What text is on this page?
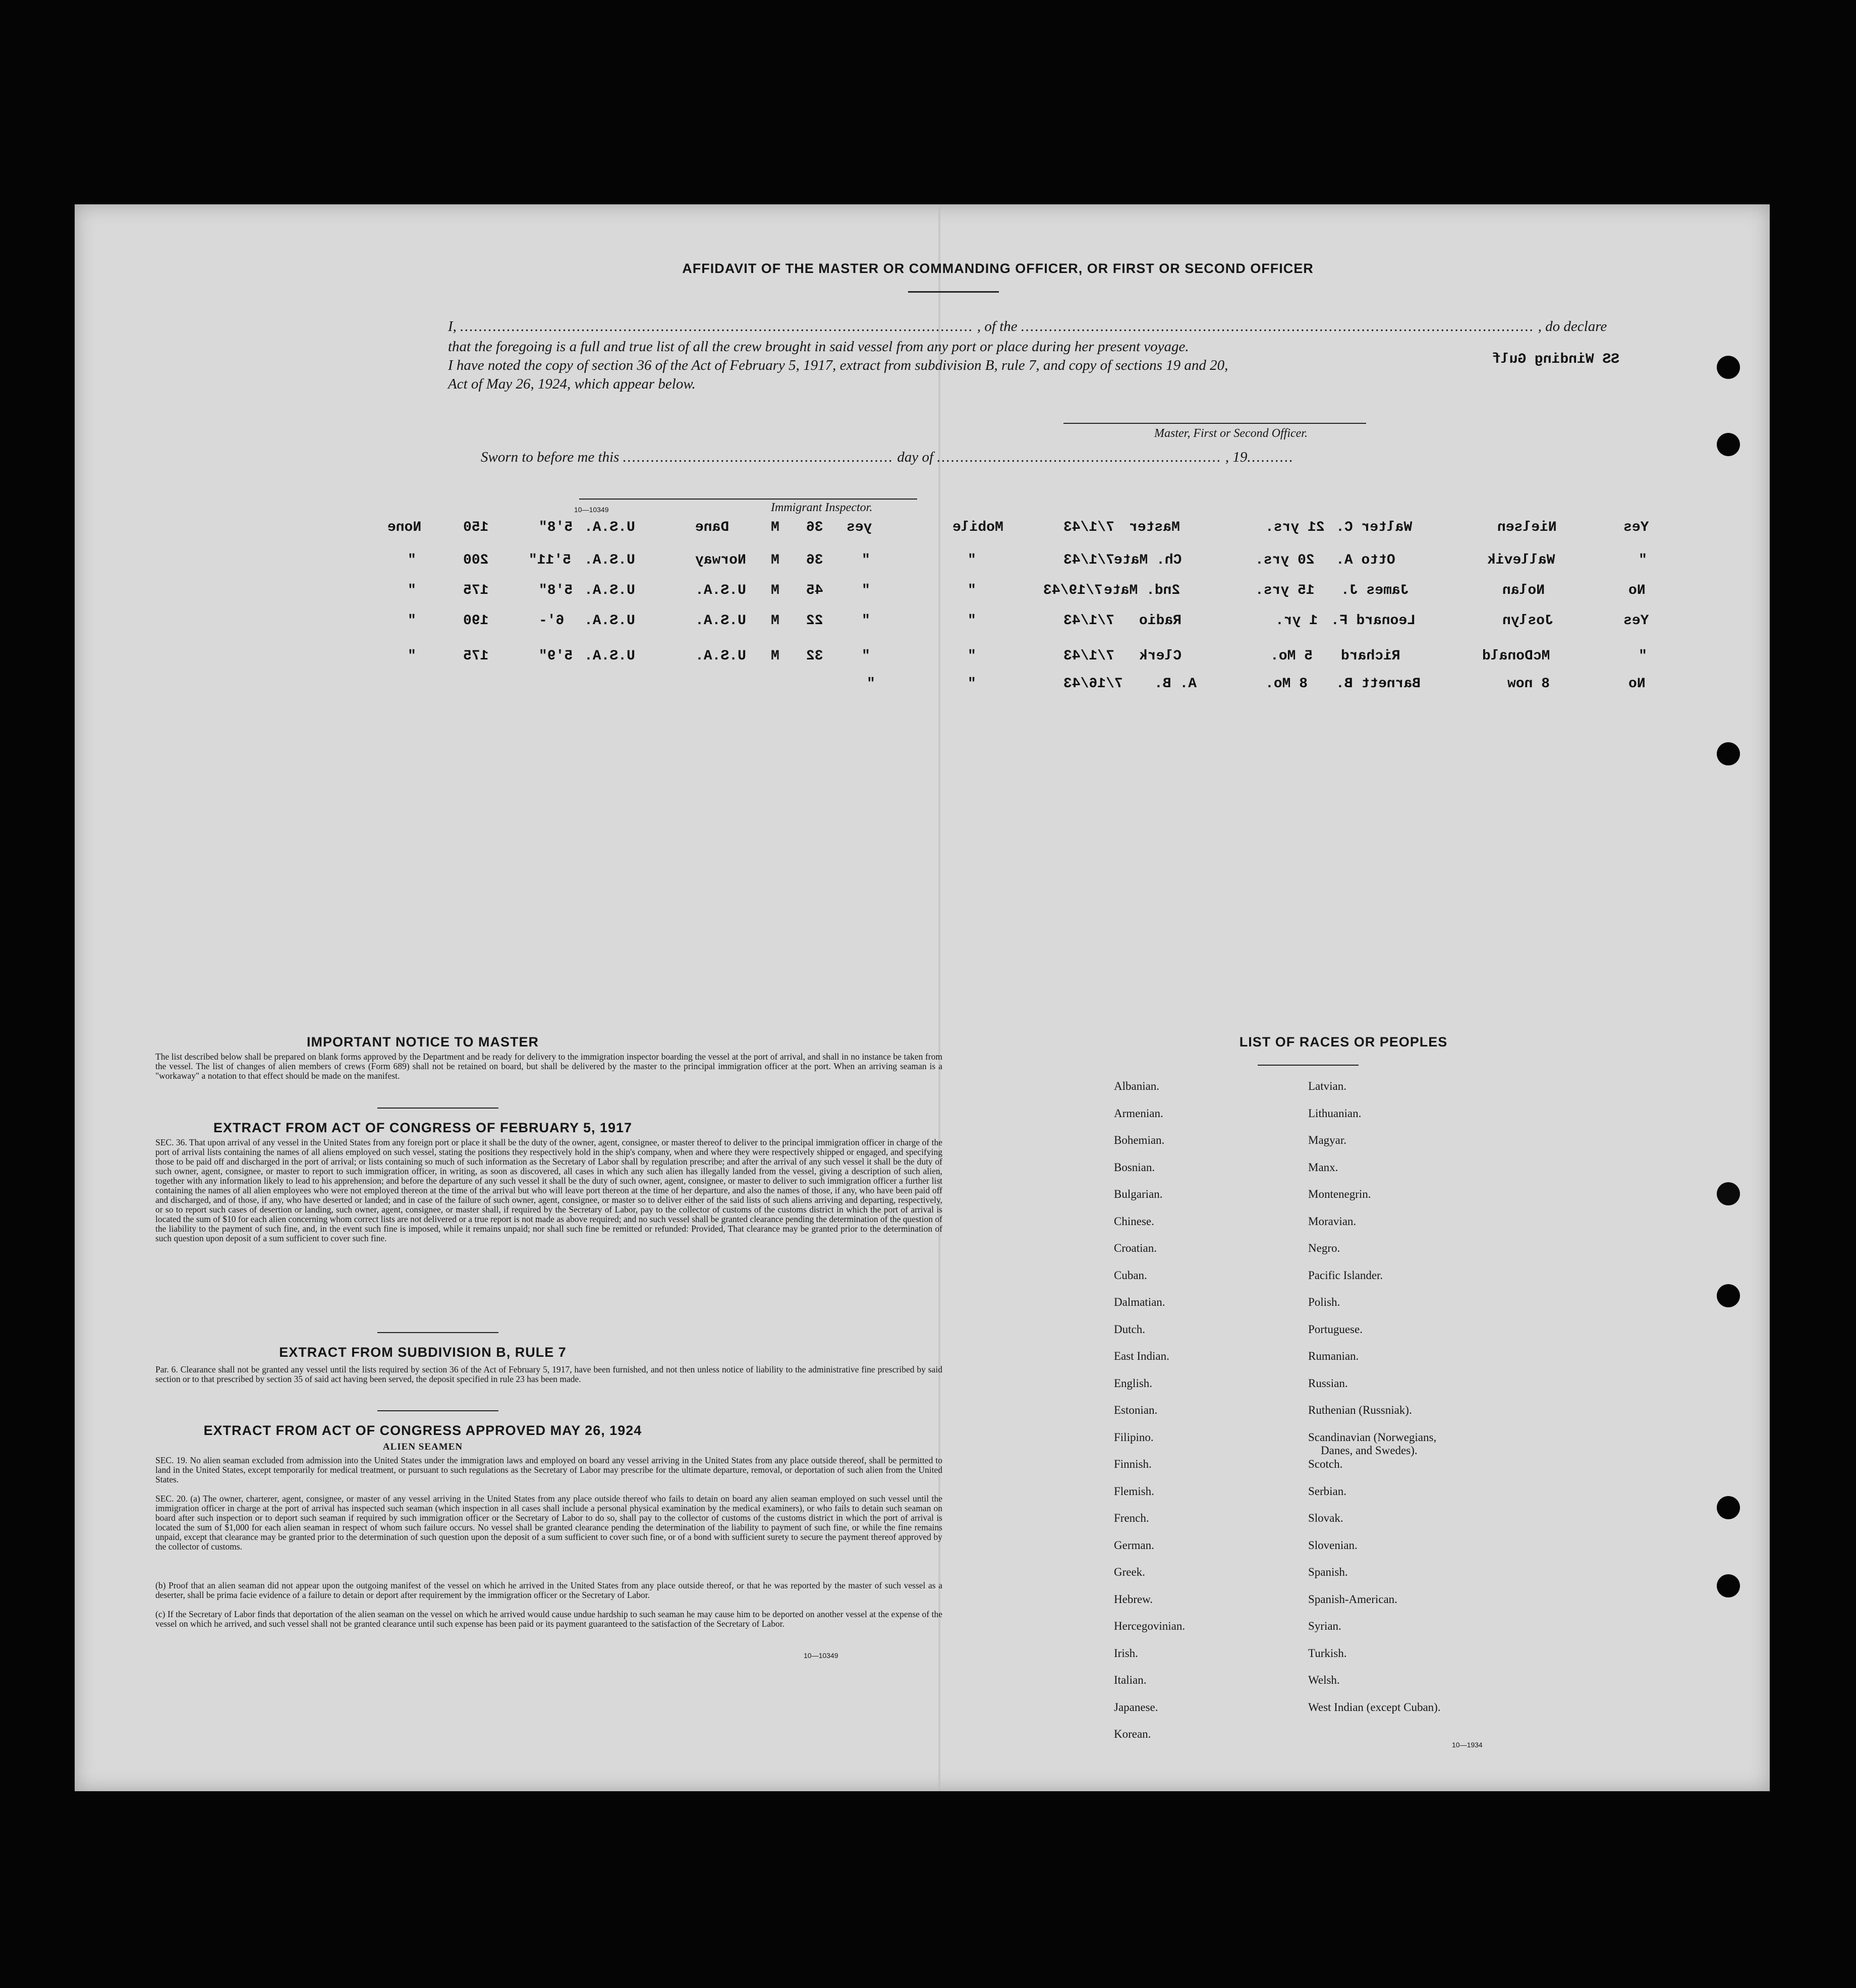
AFFIDAVIT OF THE MASTER OR COMMANDING OFFICER, OR FIRST OR SECOND OFFICER
I, .............................................................................................................. , of the .............................................................................................................. , do declare
that the foregoing is a full and true list of all the crew brought in said vessel from any port or place during her present voyage.
I have noted the copy of section 36 of the Act of February 5, 1917, extract from subdivision B, rule 7, and copy of sections 19 and 20,
Act of May 26, 1924, which appear below.
Master, First or Second Officer.
Sworn to before me this .......................................................... day of ............................................................. , 19..........
10—10349	Immigrant Inspector.
SS Winding Gulf
Yes
Nielsen
Walter C.
21 yrs.
Master
7/1/43
Mobile
yes
36
M
Dane
U.S.A.
5'8"
150
None
"
Wallevik
Otto A.
20 yrs.
Ch. Mate
7/1/43
"
"
36
M
Norway
U.S.A.
5'11"
200
"
No
Nolan
James J.
15 yrs.
2nd. Mate
7/19/43
"
"
45
M
U.S.A.
U.S.A.
5'8"
175
"
Yes
Joslyn
Leonard F.
1 yr.
Radio
7/1/43
"
"
22
M
U.S.A.
U.S.A.
6'-
190
"
"
McDonald
Richard
5 Mo.
Clerk
7/1/43
"
"
32
M
U.S.A.
U.S.A.
5'9"
175
"
No
8 now
Barnett B.
8 Mo.
A. B.
7/16/43
"
"
IMPORTANT NOTICE TO MASTER
The list described below shall be prepared on blank forms approved by the Department and be ready for delivery to the immigration inspector boarding the vessel at the port of arrival, and shall in no instance be taken from the vessel. The list of changes of alien members of crews (Form 689) shall not be retained on board, but shall be delivered by the master to the principal immigration officer at the port. When an arriving seaman is a "workaway" a notation to that effect should be made on the manifest.
EXTRACT FROM ACT OF CONGRESS OF FEBRUARY 5, 1917
SEC. 36. That upon arrival of any vessel in the United States from any foreign port or place it shall be the duty of the owner, agent, consignee, or master thereof to deliver to the principal immigration officer in charge of the port of arrival lists containing the names of all aliens employed on such vessel, stating the positions they respectively hold in the ship's company, when and where they were respectively shipped or engaged, and specifying those to be paid off and discharged in the port of arrival; or lists containing so much of such information as the Secretary of Labor shall by regulation prescribe; and after the arrival of any such vessel it shall be the duty of such owner, agent, consignee, or master to report to such immigration officer, in writing, as soon as discovered, all cases in which any such alien has illegally landed from the vessel, giving a description of such alien, together with any information likely to lead to his apprehension; and before the departure of any such vessel it shall be the duty of such owner, agent, consignee, or master to deliver to such immigration officer a further list containing the names of all alien employees who were not employed thereon at the time of the arrival but who will leave port thereon at the time of her departure, and also the names of those, if any, who have been paid off and discharged, and of those, if any, who have deserted or landed; and in case of the failure of such owner, agent, consignee, or master so to deliver either of the said lists of such aliens arriving and departing, respectively, or so to report such cases of desertion or landing, such owner, agent, consignee, or master shall, if required by the Secretary of Labor, pay to the collector of customs of the customs district in which the port of arrival is located the sum of $10 for each alien concerning whom correct lists are not delivered or a true report is not made as above required; and no such vessel shall be granted clearance pending the determination of the question of the liability to the payment of such fine, and, in the event such fine is imposed, while it remains unpaid; nor shall such fine be remitted or refunded: Provided, That clearance may be granted prior to the determination of such question upon deposit of a sum sufficient to cover such fine.
EXTRACT FROM SUBDIVISION B, RULE 7
Par. 6. Clearance shall not be granted any vessel until the lists required by section 36 of the Act of February 5, 1917, have been furnished, and not then unless notice of liability to the administrative fine prescribed by said section or to that prescribed by section 35 of said act having been served, the deposit specified in rule 23 has been made.
EXTRACT FROM ACT OF CONGRESS APPROVED MAY 26, 1924
ALIEN SEAMEN
SEC. 19. No alien seaman excluded from admission into the United States under the immigration laws and employed on board any vessel arriving in the United States from any place outside thereof, shall be permitted to land in the United States, except temporarily for medical treatment, or pursuant to such regulations as the Secretary of Labor may prescribe for the ultimate departure, removal, or deportation of such alien from the United States.
SEC. 20. (a) The owner, charterer, agent, consignee, or master of any vessel arriving in the United States from any place outside thereof who fails to detain on board any alien seaman employed on such vessel until the immigration officer in charge at the port of arrival has inspected such seaman (which inspection in all cases shall include a personal physical examination by the medical examiners), or who fails to detain such seaman on board after such inspection or to deport such seaman if required by such immigration officer or the Secretary of Labor to do so, shall pay to the collector of customs of the customs district in which the port of arrival is located the sum of $1,000 for each alien seaman in respect of whom such failure occurs. No vessel shall be granted clearance pending the determination of the liability to payment of such fine, or while the fine remains unpaid, except that clearance may be granted prior to the determination of such question upon the deposit of a sum sufficient to cover such fine, or of a bond with sufficient surety to secure the payment thereof approved by the collector of customs.
(b) Proof that an alien seaman did not appear upon the outgoing manifest of the vessel on which he arrived in the United States from any place outside thereof, or that he was reported by the master of such vessel as a deserter, shall be prima facie evidence of a failure to detain or deport after requirement by the immigration officer or the Secretary of Labor.
(c) If the Secretary of Labor finds that deportation of the alien seaman on the vessel on which he arrived would cause undue hardship to such seaman he may cause him to be deported on another vessel at the expense of the vessel on which he arrived, and such vessel shall not be granted clearance until such expense has been paid or its payment guaranteed to the satisfaction of the Secretary of Labor.
10—10349
LIST OF RACES OR PEOPLES
Albanian.
Armenian.
Bohemian.
Bosnian.
Bulgarian.
Chinese.
Croatian.
Cuban.
Dalmatian.
Dutch.
East Indian.
English.
Estonian.
Filipino.
Finnish.
Flemish.
French.
German.
Greek.
Hebrew.
Hercegovinian.
Irish.
Italian.
Japanese.
Korean.
Latvian.
Lithuanian.
Magyar.
Manx.
Montenegrin.
Moravian.
Negro.
Pacific Islander.
Polish.
Portuguese.
Rumanian.
Russian.
Ruthenian (Russniak).
Scandinavian (Norwegians,
Danes, and Swedes).
Scotch.
Serbian.
Slovak.
Slovenian.
Spanish.
Spanish-American.
Syrian.
Turkish.
Welsh.
West Indian (except Cuban).
10—1934
